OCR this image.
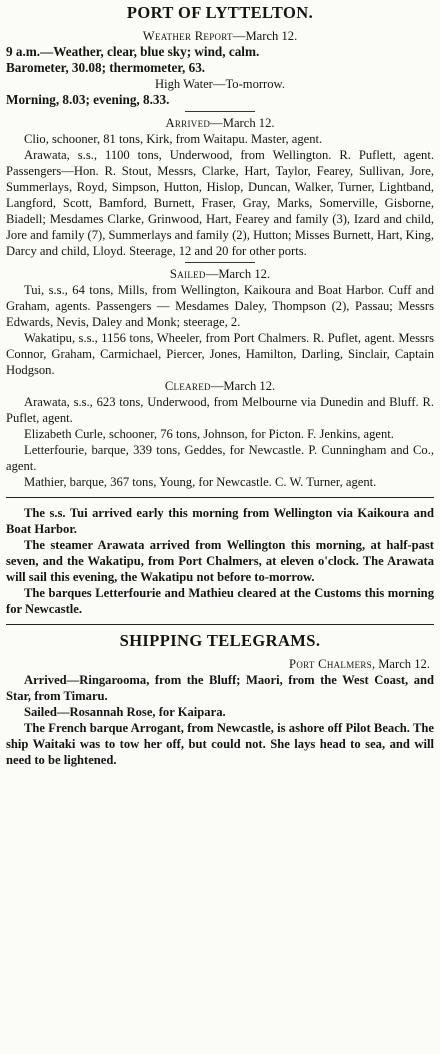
PORT OF LYTTELTON.
Weather Report—March 12.

9 a.m.—Weather, clear, blue sky; wind, calm.

Barometer, 30.08; thermometer, 63.

High Water—To-morrow.

Morning, 8.03; evening, 8.33.

Arrived—March 12.

Clio, schooner, 81 tons, Kirk, from Waitapu. Master, agent.

Arawata, s.s., 1100 tons, Underwood, from Wellington. R. Puflett, agent. Passengers—Hon. R. Stout, Messrs, Clarke, Hart, Taylor, Fearey, Sullivan, Jore, Summerlays, Royd, Simpson, Hutton, Hislop, Duncan, Walker, Turner, Lightband, Langford, Scott, Bamford, Burnett, Fraser, Gray, Marks, Somerville, Gisborne, Biadell; Mesdames Clarke, Grinwood, Hart, Fearey and family (3), Izard and child, Jore and family (7), Summerlays and family (2), Hutton; Misses Burnett, Hart, King, Darcy and child, Lloyd. Steerage, 12 and 20 for other ports.

Sailed—March 12.

Tui, s.s., 64 tons, Mills, from Wellington, Kaikoura and Boat Harbor. Cuff and Graham, agents. Passengers — Mesdames Daley, Thompson (2), Passau; Messrs Edwards, Nevis, Daley and Monk; steerage, 2.

Wakatipu, s.s., 1156 tons, Wheeler, from Port Chalmers. R. Puflet, agent. Messrs Connor, Graham, Carmichael, Piercer, Jones, Hamilton, Darling, Sinclair, Captain Hodgson.

Cleared—March 12.

Arawata, s.s., 623 tons, Underwood, from Melbourne via Dunedin and Bluff. R. Puflet, agent.

Elizabeth Curle, schooner, 76 tons, Johnson, for Picton. F. Jenkins, agent.

Letterfourie, barque, 339 tons, Geddes, for Newcastle. P. Cunningham and Co., agent.

Mathier, barque, 367 tons, Young, for Newcastle. C. W. Turner, agent.

The s.s. Tui arrived early this morning from Wellington via Kaikoura and Boat Harbor.

The steamer Arawata arrived from Wellington this morning, at half-past seven, and the Wakatipu, from Port Chalmers, at eleven o'clock. The Arawata will sail this evening, the Wakatipu not before to-morrow.

The barques Letterfourie and Mathieu cleared at the Customs this morning for Newcastle.

SHIPPING TELEGRAMS.
Port Chalmers, March 12.

Arrived—Ringarooma, from the Bluff; Maori, from the West Coast, and Star, from Timaru.

Sailed—Rosannah Rose, for Kaipara.

The French barque Arrogant, from Newcastle, is ashore off Pilot Beach. The ship Waitaki was to tow her off, but could not. She lays head to sea, and will need to be lightened.
